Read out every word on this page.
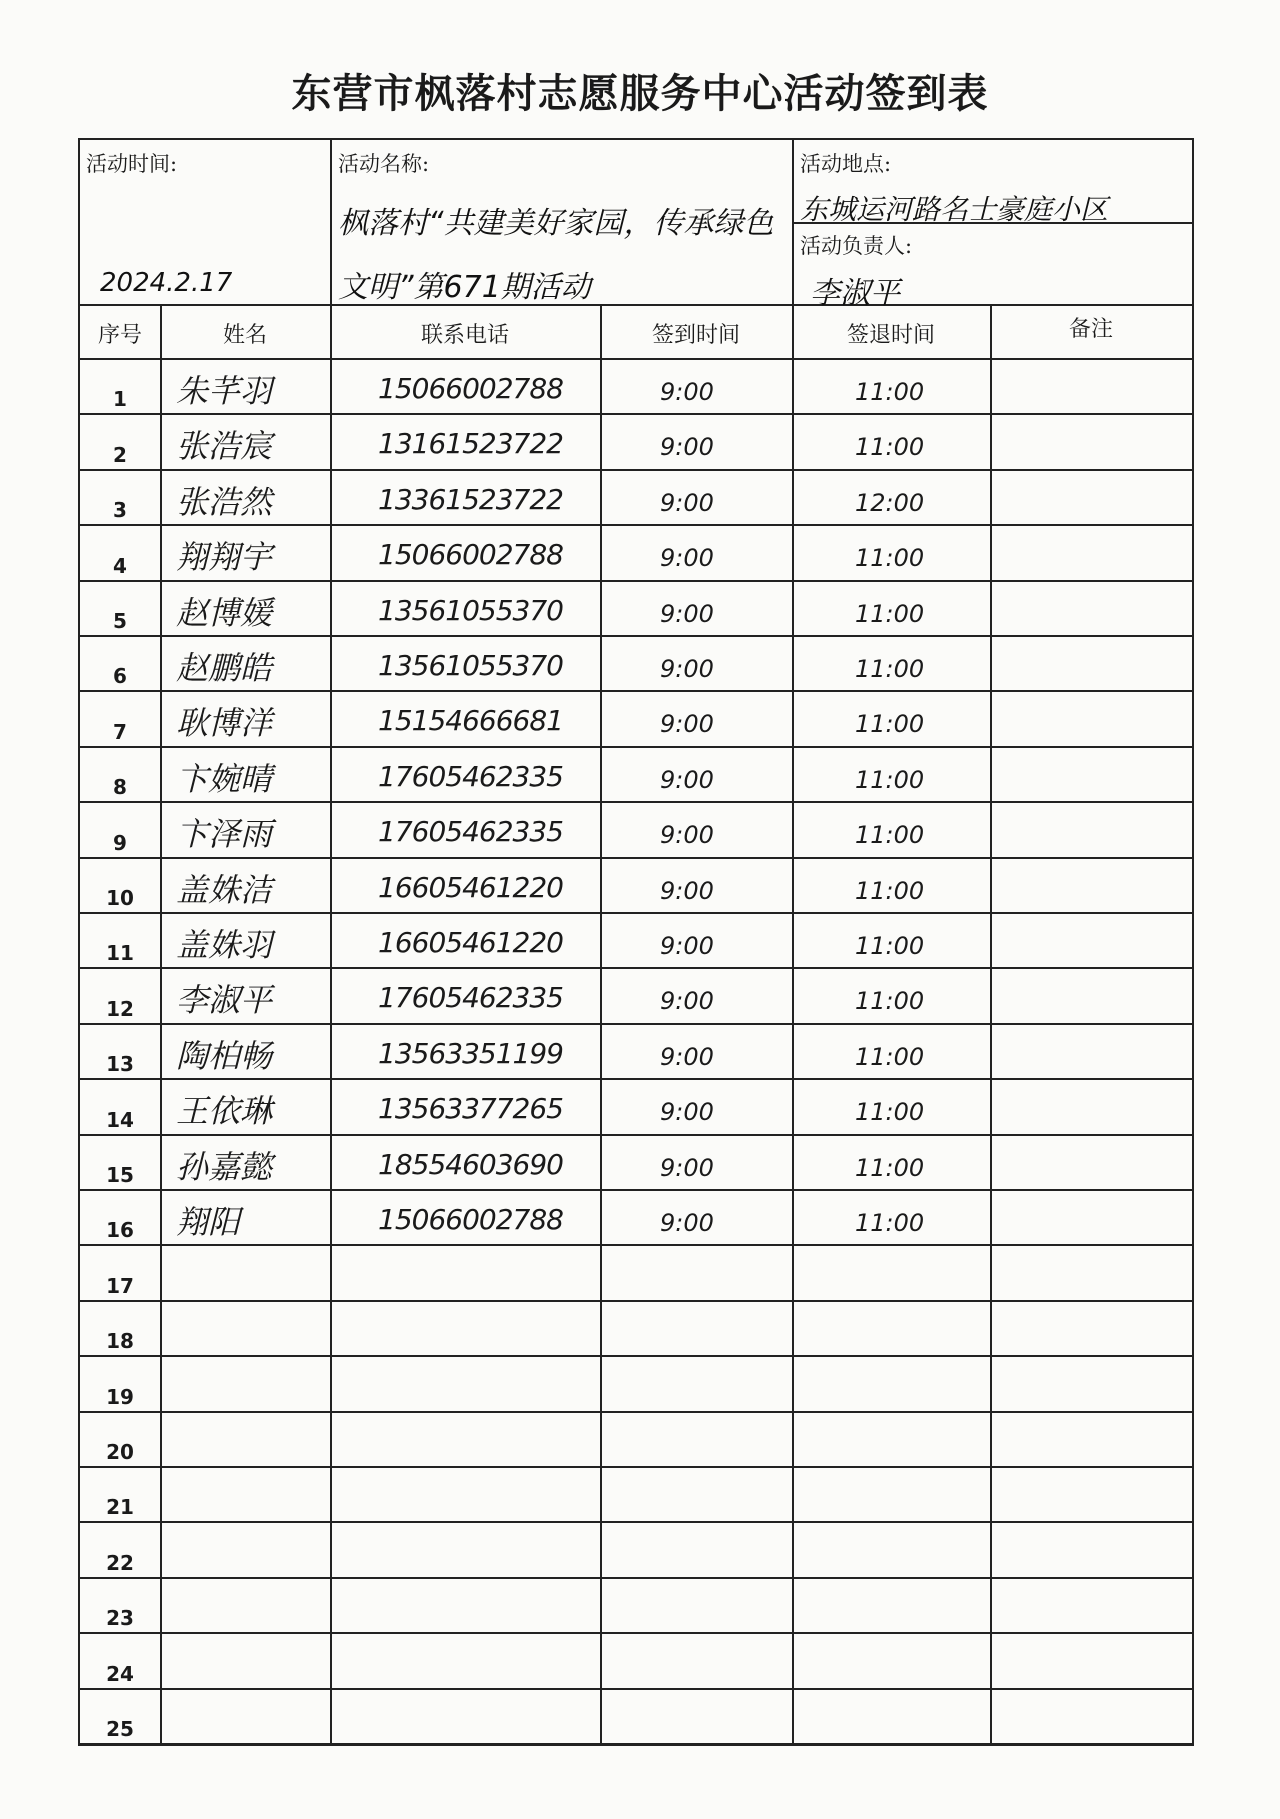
东营市枫落村志愿服务中心活动签到表
活动时间:
2024.2.17
活动名称:
枫落村“共建美好家园，传承绿色
文明”第671期活动
活动地点:
东城运河路名士豪庭小区
活动负责人:
李淑平
序号	姓名	联系电话	签到时间	签退时间	备注
1	朱芊羽	15066002788	9:00	11:00
2	张浩宸	13161523722	9:00	11:00
3	张浩然	13361523722	9:00	12:00
4	翔翔宇	15066002788	9:00	11:00
5	赵博媛	13561055370	9:00	11:00
6	赵鹏皓	13561055370	9:00	11:00
7	耿博洋	15154666681	9:00	11:00
8	卞婉晴	17605462335	9:00	11:00
9	卞泽雨	17605462335	9:00	11:00
10	盖姝洁	16605461220	9:00	11:00
11	盖姝羽	16605461220	9:00	11:00
12	李淑平	17605462335	9:00	11:00
13	陶柏畅	13563351199	9:00	11:00
14	王依琳	13563377265	9:00	11:00
15	孙嘉懿	18554603690	9:00	11:00
16	翔阳	15066002788	9:00	11:00
17
18
19
20
21
22
23
24
25
